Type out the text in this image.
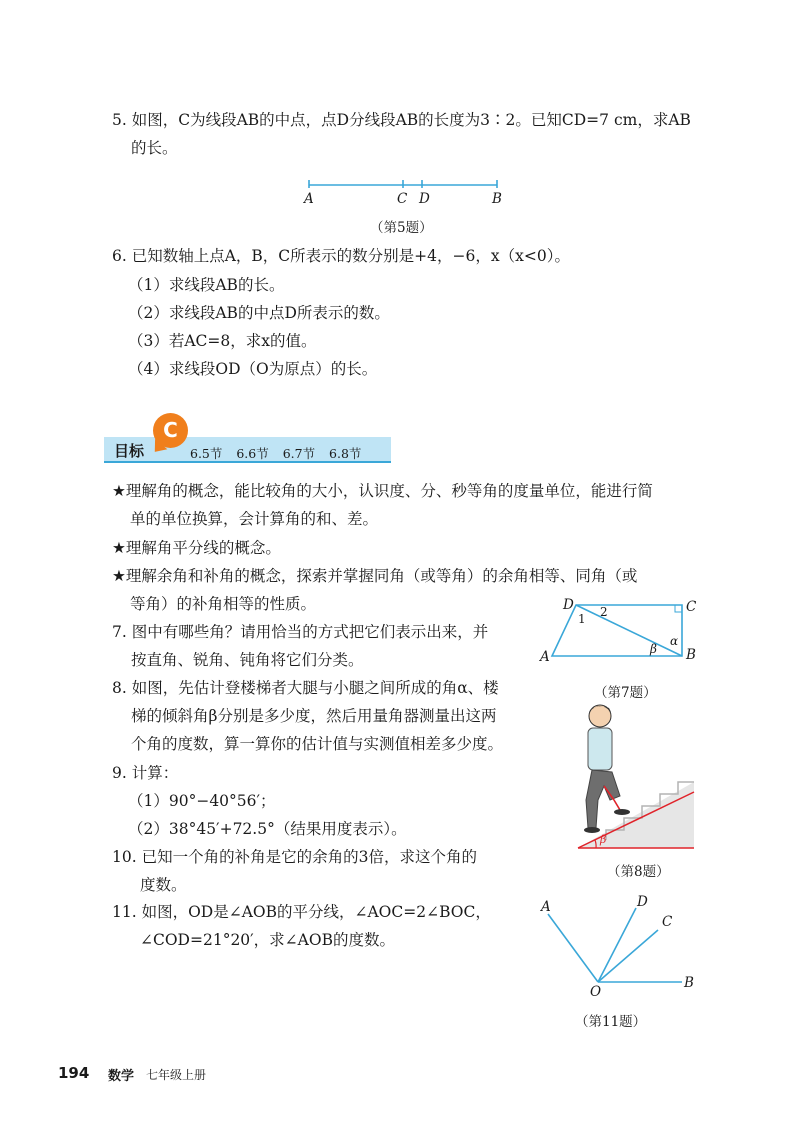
5. 如图，C为线段AB的中点，点D分线段AB的长度为3∶2。已知CD=7 cm，求AB
的长。
A	C D	B
（第5题）
6. 已知数轴上点A，B，C所表示的数分别是+4，−6，x（x<0）。
（1）求线段AB的长。
（2）求线段AB的中点D所表示的数。
（3）若AC=8，求x的值。
（4）求线段OD（O为原点）的长。
目标
C
6.5节 6.6节 6.7节 6.8节
★理解角的概念，能比较角的大小，认识度、分、秒等角的度量单位，能进行简
单的单位换算，会计算角的和、差。
★理解角平分线的概念。
★理解余角和补角的概念，探索并掌握同角（或等角）的余角相等、同角（或
等角）的补角相等的性质。
7. 图中有哪些角？请用恰当的方式把它们表示出来，并
按直角、锐角、钝角将它们分类。
D	C
A	B
1 2
α
β
（第7题）
8. 如图，先估计登楼梯者大腿与小腿之间所成的角α、楼
梯的倾斜角β分别是多少度，然后用量角器测量出这两
个角的度数，算一算你的估计值与实测值相差多少度。
β
（第8题）
9. 计算：
（1）90°−40°56′；
（2）38°45′+72.5°（结果用度表示）。
10. 已知一个角的补角是它的余角的3倍，求这个角的
度数。
11. 如图，OD是∠AOB的平分线，∠AOC=2∠BOC，
∠COD=21°20′，求∠AOB的度数。
A	D
C
O
B
（第11题）
194 数学 七年级上册
